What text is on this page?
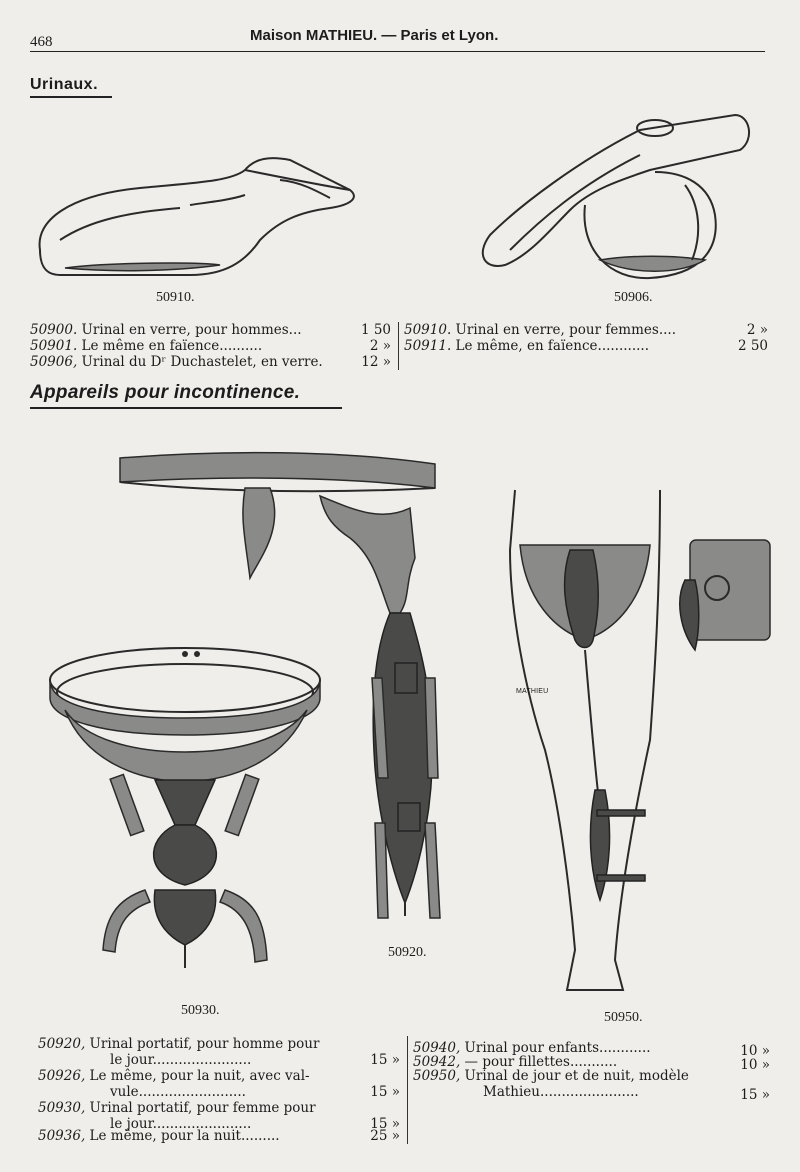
468	Maison MATHIEU. — Paris et Lyon.
Urinaux.
50910.	50906.
50900. Urinal en verre, pour hommes...	1 50
50901. Le même en faïence..........	2 »
50906, Urinal du Dʳ Duchastelet, en verre.	12 »
50910. Urinal en verre, pour femmes....	2 »
50911. Le même, en faïence............	2 50
Appareils pour incontinence.
50930.
50920.
MATHIEU
50950.
50920, Urinal portatif, pour homme pour
le jour.......................	15 »
50926, Le même, pour la nuit, avec val-
vule.........................	15 »
50930, Urinal portatif, pour femme pour
le jour.......................	15 »
50936, Le même, pour la nuit.........	25 »
50940, Urinal pour enfants............	10 »
50942, — pour fillettes...........	10 »
50950, Urinal de jour et de nuit, modèle
Mathieu.......................	15 »
